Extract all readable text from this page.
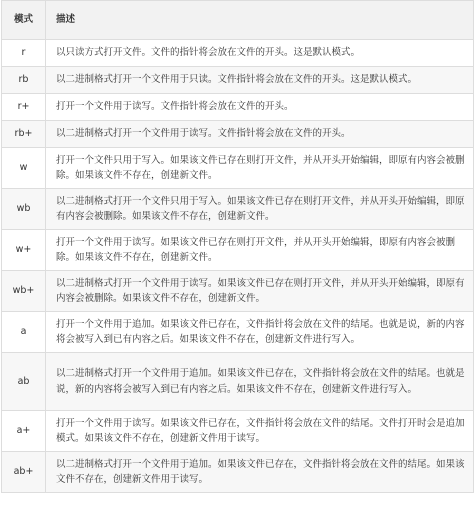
模式	描述
r	以只读方式打开文件。文件的指针将会放在文件的开头。这是默认模式。
rb	以二进制格式打开一个文件用于只读。文件指针将会放在文件的开头。这是默认模式。
r+	打开一个文件用于读写。文件指针将会放在文件的开头。
rb+	以二进制格式打开一个文件用于读写。文件指针将会放在文件的开头。
w	打开一个文件只用于写入。如果该文件已存在则打开文件，并从开头开始编辑，即原有内容会被删除。如果该文件不存在，创建新文件。
wb	以二进制格式打开一个文件只用于写入。如果该文件已存在则打开文件，并从开头开始编辑，即原有内容会被删除。如果该文件不存在，创建新文件。
w+	打开一个文件用于读写。如果该文件已存在则打开文件，并从开头开始编辑，即原有内容会被删除。如果该文件不存在，创建新文件。
wb+	以二进制格式打开一个文件用于读写。如果该文件已存在则打开文件，并从开头开始编辑，即原有内容会被删除。如果该文件不存在，创建新文件。
a	打开一个文件用于追加。如果该文件已存在，文件指针将会放在文件的结尾。也就是说，新的内容将会被写入到已有内容之后。如果该文件不存在，创建新文件进行写入。
ab	以二进制格式打开一个文件用于追加。如果该文件已存在，文件指针将会放在文件的结尾。也就是说，新的内容将会被写入到已有内容之后。如果该文件不存在，创建新文件进行写入。
a+	打开一个文件用于读写。如果该文件已存在，文件指针将会放在文件的结尾。文件打开时会是追加模式。如果该文件不存在，创建新文件用于读写。
ab+	以二进制格式打开一个文件用于追加。如果该文件已存在，文件指针将会放在文件的结尾。如果该文件不存在，创建新文件用于读写。
